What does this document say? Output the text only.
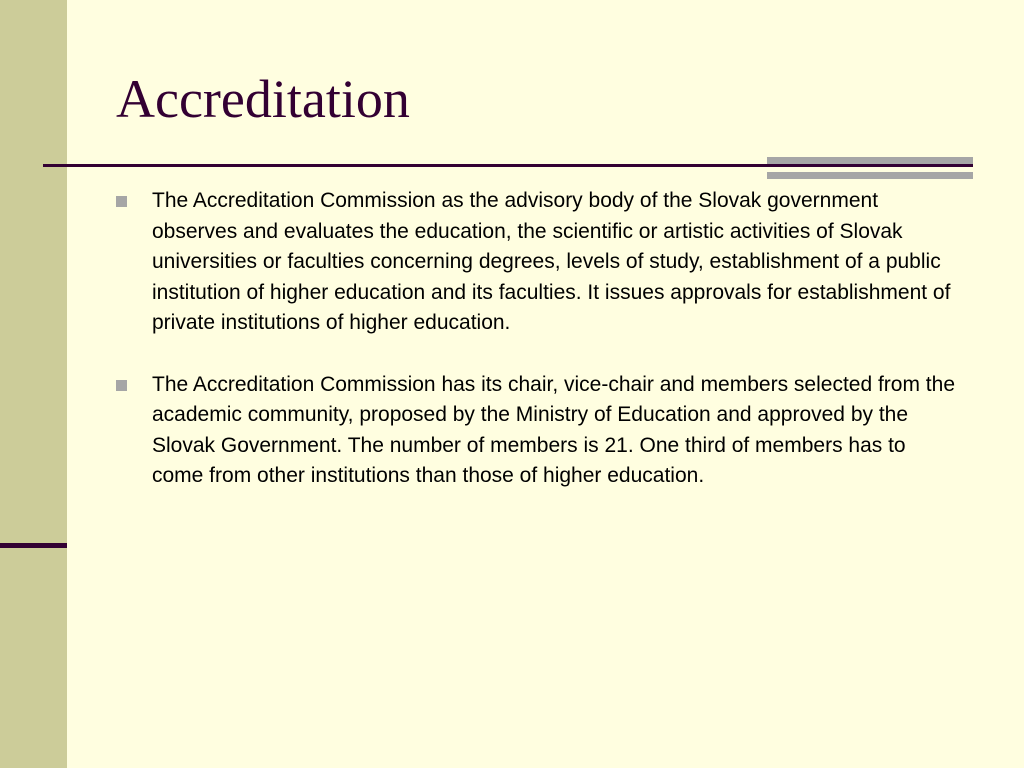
Accreditation
The Accreditation Commission as the advisory body of the Slovak government observes and evaluates the education, the scientific or artistic activities of Slovak universities or faculties concerning degrees, levels of study, establishment of a public institution of higher education and its faculties. It issues approvals for establishment of private institutions of higher education.
The Accreditation Commission has its chair, vice-chair and members selected from the academic community, proposed by the Ministry of Education and approved by the Slovak Government. The number of members is 21. One third of members has to come from other institutions than those of higher education.
